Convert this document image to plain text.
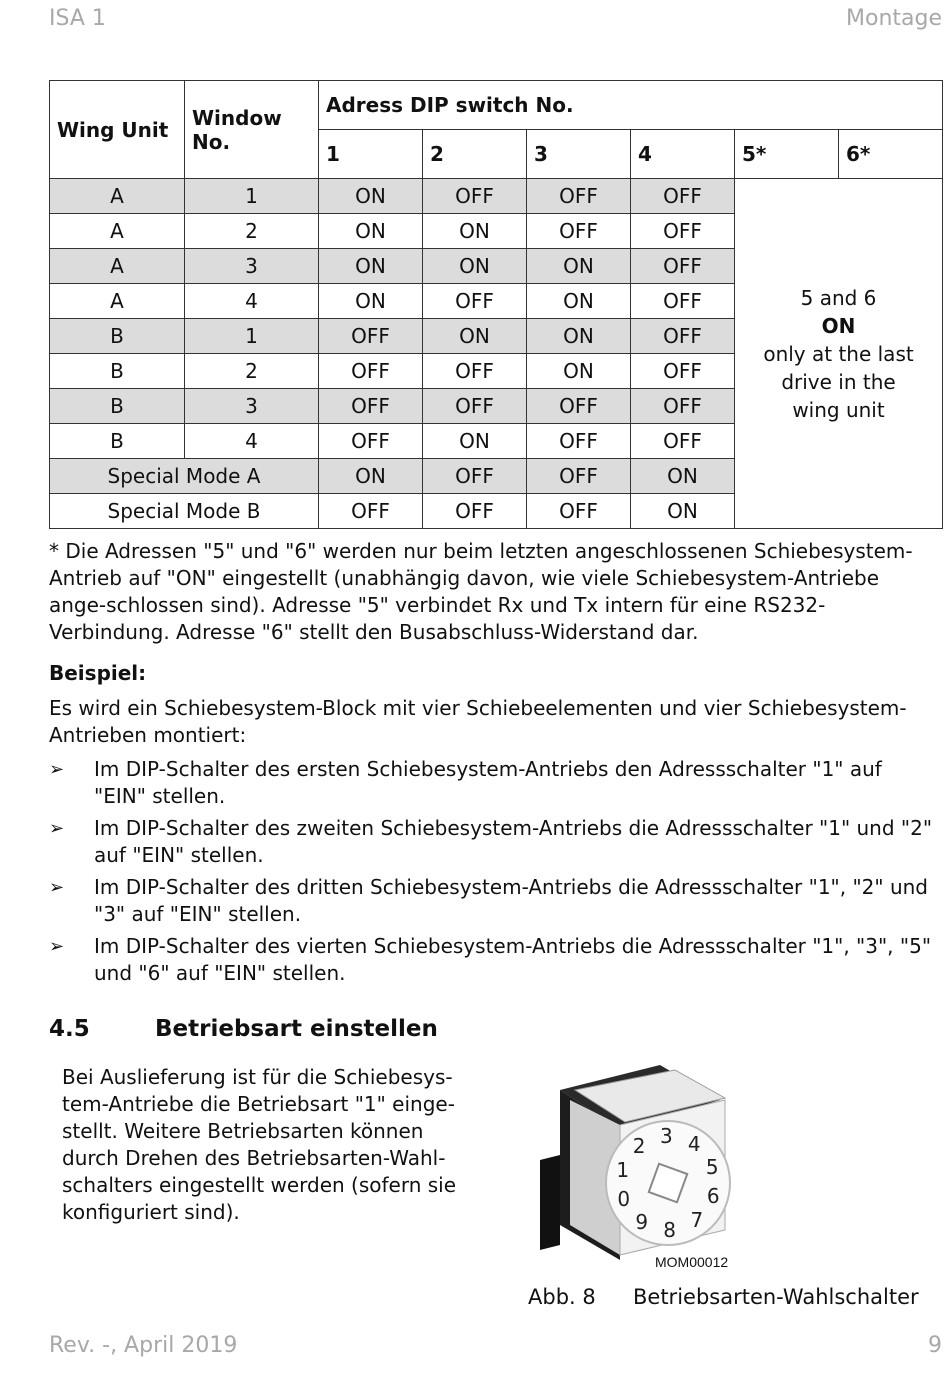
ISA 1	Montage
Wing Unit	Window No.	Adress DIP switch No.					
		1	2	3	4	5*	6*
A	1	ON	OFF	OFF	OFF	5 and 6
ON
only at the last
drive in the
wing unit	

A	2	ON	ON	OFF	OFF		
A	3	ON	ON	ON	OFF		
A	4	ON	OFF	ON	OFF		
B	1	OFF	ON	ON	OFF		
B	2	OFF	OFF	ON	OFF		
B	3	OFF	OFF	OFF	OFF		
B	4	OFF	ON	OFF	OFF		
Special Mode A		ON	OFF	OFF	ON		
Special Mode B		OFF	OFF	OFF	ON		
* Die Adressen "5" und "6" werden nur beim letzten angeschlossenen Schiebesystem-Antrieb auf "ON" eingestellt (unabhängig davon, wie viele Schiebesystem-Antriebe ange-schlossen sind). Adresse "5" verbindet Rx und Tx intern für eine RS232-Verbindung. Adresse "6" stellt den Busabschluss-Widerstand dar.
Beispiel:
Es wird ein Schiebesystem-Block mit vier Schiebeelementen und vier Schiebesystem-Antrieben montiert:
➢ Im DIP-Schalter des ersten Schiebesystem-Antriebs den Adressschalter "1" auf "EIN" stellen.
➢ Im DIP-Schalter des zweiten Schiebesystem-Antriebs die Adressschalter "1" und "2" auf "EIN" stellen.
➢ Im DIP-Schalter des dritten Schiebesystem-Antriebs die Adressschalter "1", "2" und "3" auf "EIN" stellen.
➢ Im DIP-Schalter des vierten Schiebesystem-Antriebs die Adressschalter "1", "3", "5" und "6" auf "EIN" stellen.
4.5	Betriebsart einstellen
Bei Auslieferung ist für die Schiebesys-tem-Antriebe die Betriebsart "1" einge-stellt. Weitere Betriebsarten können durch Drehen des Betriebsarten-Wahl-schalters eingestellt werden (sofern sie konfiguriert sind).
0
1
2 3 4
5
6
7
8
9
MOM00012
Abb. 8 Betriebsarten-Wahlschalter
Rev. -, April 2019	9
